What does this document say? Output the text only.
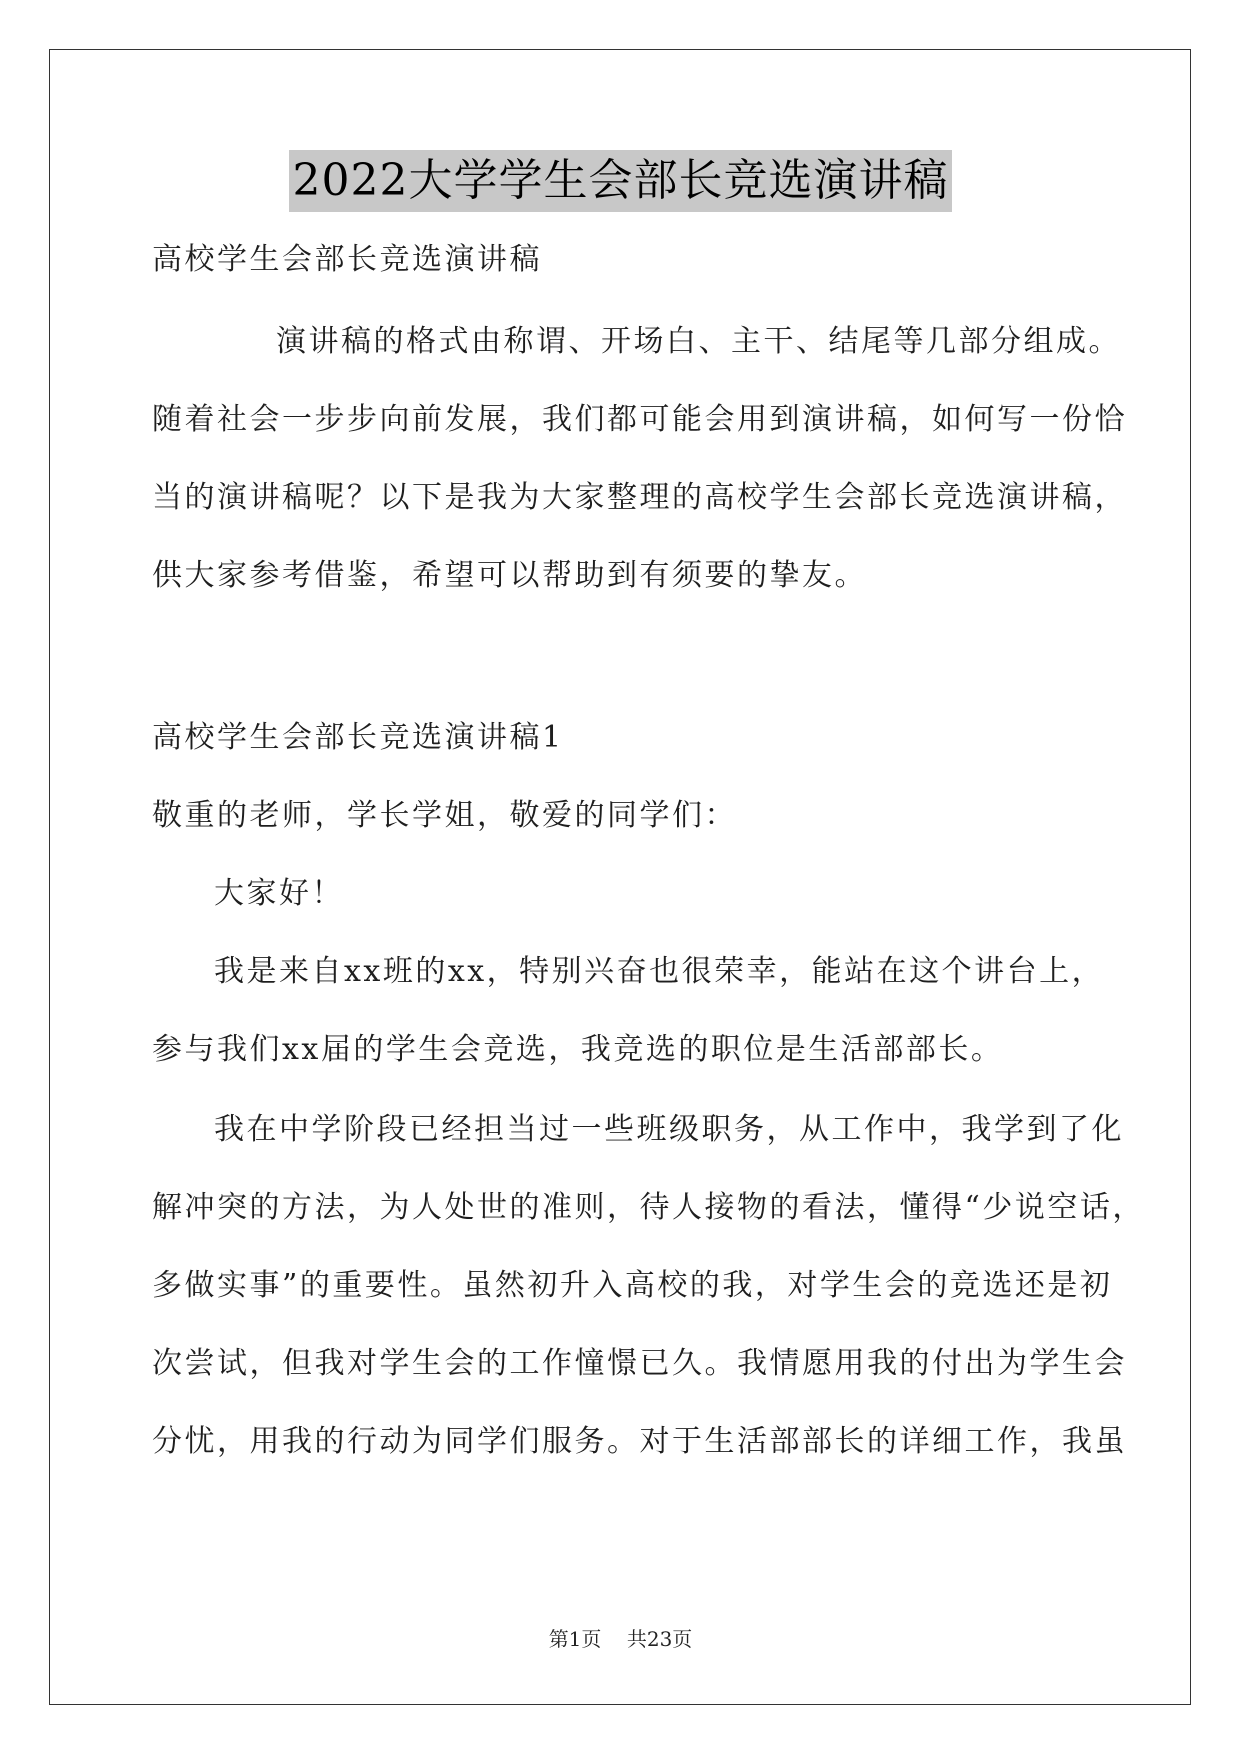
2022大学学生会部长竞选演讲稿
高校学生会部长竞选演讲稿
演讲稿的格式由称谓、开场白、主干、结尾等几部分组成。
随着社会一步步向前发展，我们都可能会用到演讲稿，如何写一份恰
当的演讲稿呢？以下是我为大家整理的高校学生会部长竞选演讲稿，
供大家参考借鉴，希望可以帮助到有须要的挚友。
高校学生会部长竞选演讲稿1
敬重的老师，学长学姐，敬爱的同学们：
大家好！
我是来自xx班的xx，特别兴奋也很荣幸，能站在这个讲台上，
参与我们xx届的学生会竞选，我竞选的职位是生活部部长。
我在中学阶段已经担当过一些班级职务，从工作中，我学到了化
解冲突的方法，为人处世的准则，待人接物的看法，懂得“少说空话，
多做实事”的重要性。虽然初升入高校的我，对学生会的竞选还是初
次尝试，但我对学生会的工作憧憬已久。我情愿用我的付出为学生会
分忧，用我的行动为同学们服务。对于生活部部长的详细工作，我虽
第1页 共23页
